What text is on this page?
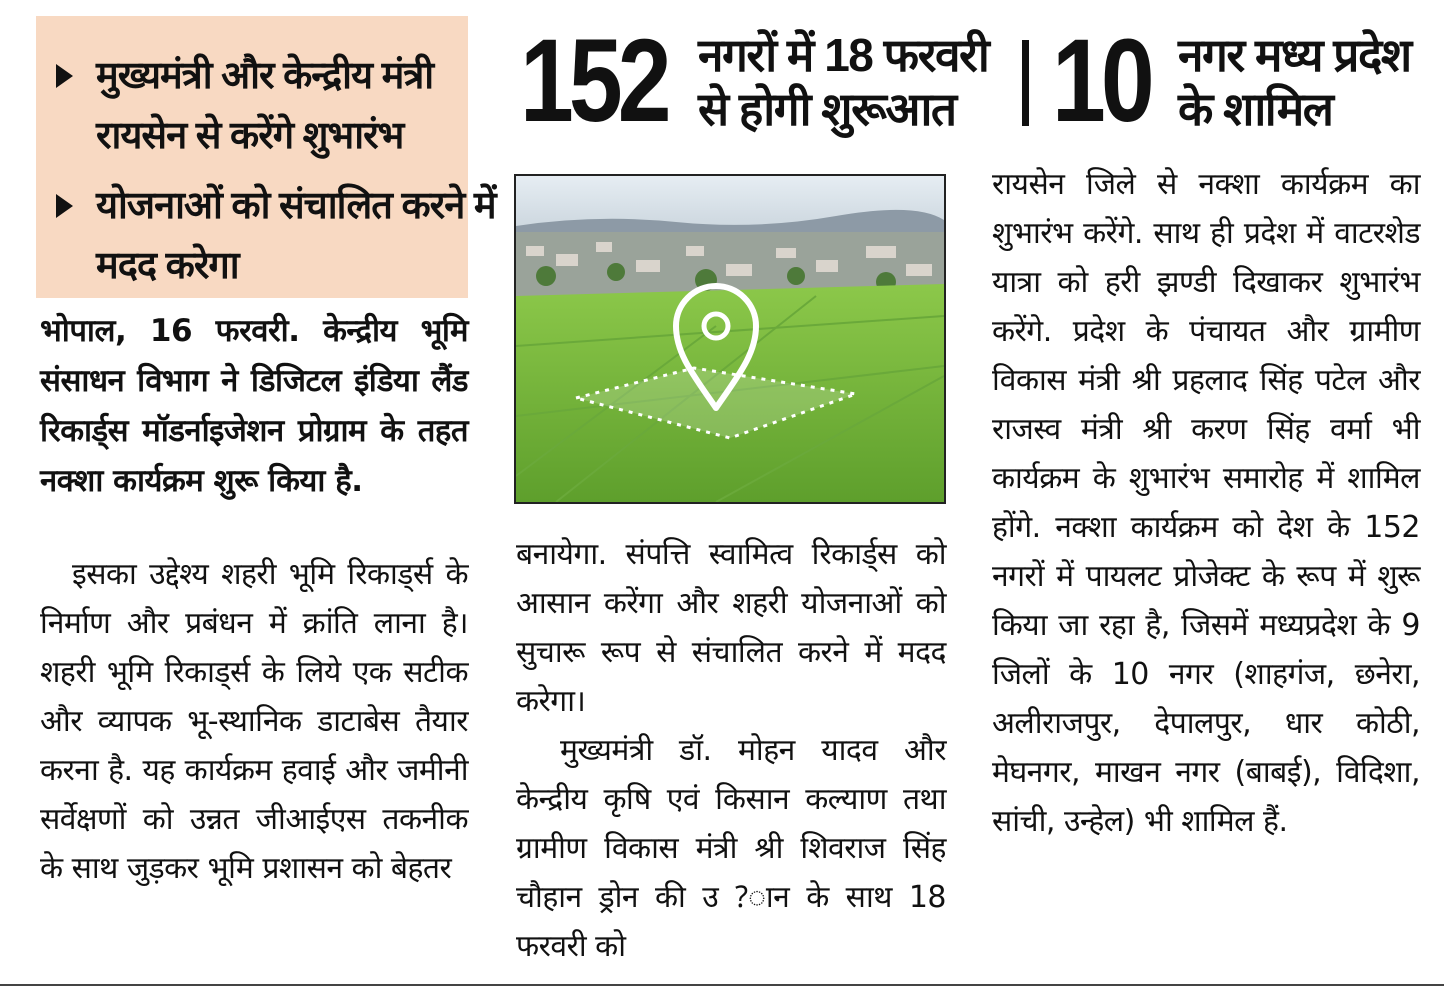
मुख्यमंत्री और केन्द्रीय मंत्री रायसेन से करेंगे शुभारंभ
योजनाओं को संचालित करने में मदद करेगा
152 नगरों में 18 फरवरी से होगी शुरूआत 10 नगर मध्य प्रदेश के शामिल
भोपाल, 16 फरवरी. केन्द्रीय भूमि संसाधन विभाग ने डिजिटल इंडिया लैंड रिकार्ड्स मॉडर्नाइजेशन प्रोग्राम के तहत नक्शा कार्यक्रम शुरू किया है.
इसका उद्देश्य शहरी भूमि रिकाड्‌र्स के निर्माण और प्रबंधन में क्रांति लाना है। शहरी भूमि रिकाड्‌र्स के लिये एक सटीक और व्यापक भू-स्थानिक डाटाबेस तैयार करना है. यह कार्यक्रम हवाई और जमीनी सर्वेक्षणों को उन्नत जीआईएस तकनीक के साथ जुड़कर भूमि प्रशासन को बेहतर
बनायेगा. संपत्ति स्वामित्व रिकार्ड्स को आसान करेंगा और शहरी योजनाओं को सुचारू रूप से संचालित करने में मदद करेगा।
मुख्यमंत्री डॉ. मोहन यादव और केन्द्रीय कृषि एवं किसान कल्याण तथा ग्रामीण विकास मंत्री श्री शिवराज सिंह चौहान ड्रोन की उ ?ान के साथ 18 फरवरी को
रायसेन जिले से नक्शा कार्यक्रम का शुभारंभ करेंगे. साथ ही प्रदेश में वाटरशेड यात्रा को हरी झण्डी दिखाकर शुभारंभ करेंगे. प्रदेश के पंचायत और ग्रामीण विकास मंत्री श्री प्रहलाद सिंह पटेल और राजस्व मंत्री श्री करण सिंह वर्मा भी कार्यक्रम के शुभारंभ समारोह में शामिल होंगे. नक्शा कार्यक्रम को देश के 152 नगरों में पायलट प्रोजेक्ट के रूप में शुरू किया जा रहा है, जिसमें मध्यप्रदेश के 9 जिलों के 10 नगर (शाहगंज, छनेरा, अलीराजपुर, देपालपुर, धार कोठी, मेघनगर, माखन नगर (बाबई), विदिशा, सांची, उन्हेल) भी शामिल हैं.
